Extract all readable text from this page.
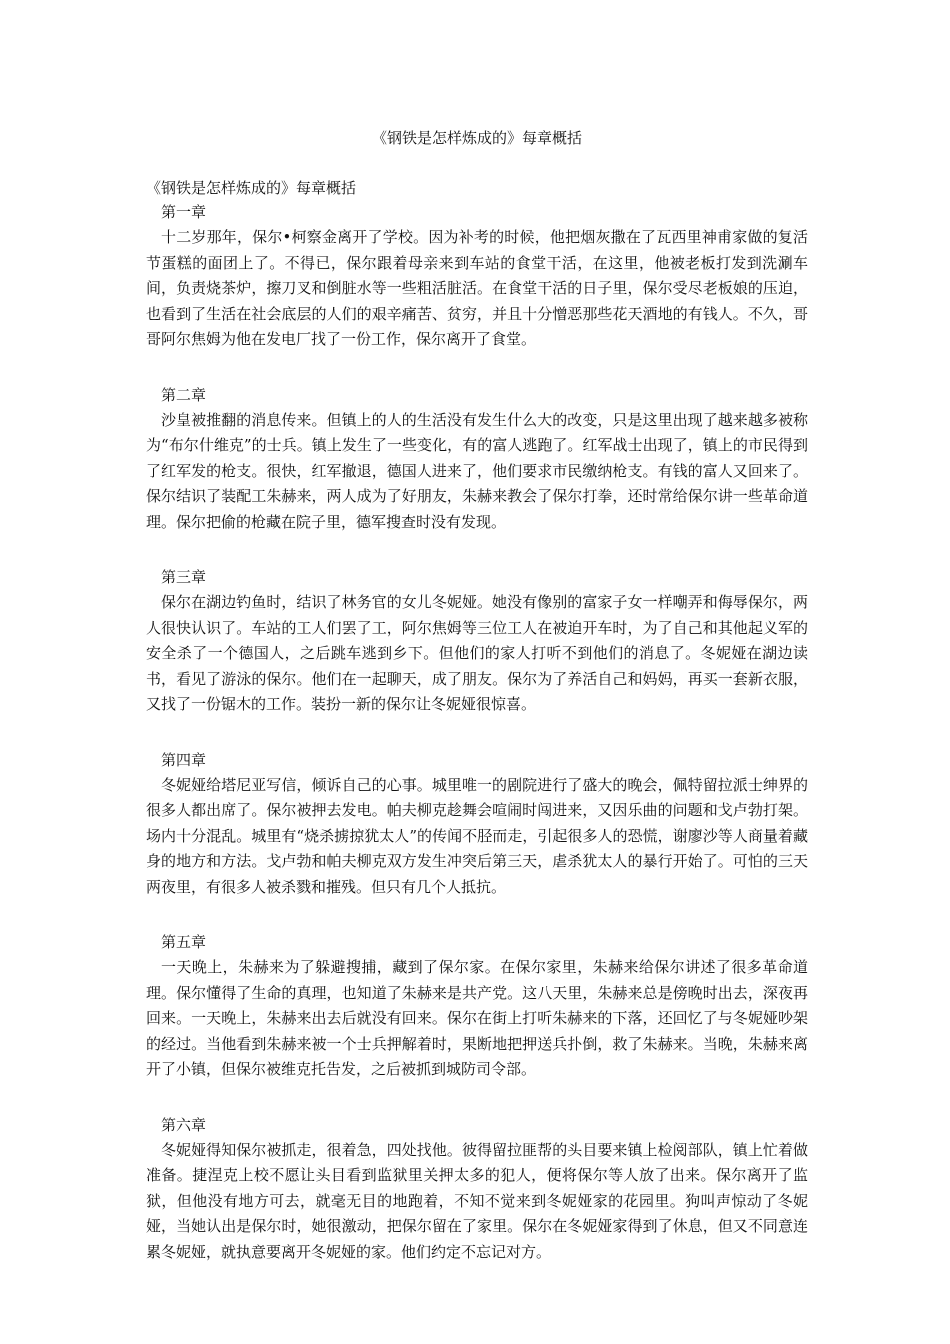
《钢铁是怎样炼成的》每章概括

《钢铁是怎样炼成的》每章概括

第一章

十二岁那年，保尔•柯察金离开了学校。因为补考的时候，他把烟灰撒在了瓦西里神甫家做的复活节蛋糕的面团上了。不得已，保尔跟着母亲来到车站的食堂干活，在这里，他被老板打发到洗涮车间，负责烧茶炉，擦刀叉和倒脏水等一些粗活脏活。在食堂干活的日子里，保尔受尽老板娘的压迫，也看到了生活在社会底层的人们的艰辛痛苦、贫穷，并且十分憎恶那些花天酒地的有钱人。不久，哥哥阿尔焦姆为他在发电厂找了一份工作，保尔离开了食堂。

第二章

沙皇被推翻的消息传来。但镇上的人的生活没有发生什么大的改变，只是这里出现了越来越多被称为“布尔什维克”的士兵。镇上发生了一些变化，有的富人逃跑了。红军战士出现了，镇上的市民得到了红军发的枪支。很快，红军撤退，德国人进来了，他们要求市民缴纳枪支。有钱的富人又回来了。保尔结识了装配工朱赫来，两人成为了好朋友，朱赫来教会了保尔打拳，还时常给保尔讲一些革命道理。保尔把偷的枪藏在院子里，德军搜查时没有发现。

第三章

保尔在湖边钓鱼时，结识了林务官的女儿冬妮娅。她没有像别的富家子女一样嘲弄和侮辱保尔，两人很快认识了。车站的工人们罢了工，阿尔焦姆等三位工人在被迫开车时，为了自己和其他起义军的安全杀了一个德国人，之后跳车逃到乡下。但他们的家人打听不到他们的消息了。冬妮娅在湖边读书，看见了游泳的保尔。他们在一起聊天，成了朋友。保尔为了养活自己和妈妈，再买一套新衣服，又找了一份锯木的工作。装扮一新的保尔让冬妮娅很惊喜。

第四章

冬妮娅给塔尼亚写信，倾诉自己的心事。城里唯一的剧院进行了盛大的晚会，佩特留拉派士绅界的很多人都出席了。保尔被押去发电。帕夫柳克趁舞会喧闹时闯进来，又因乐曲的问题和戈卢勃打架。场内十分混乱。城里有“烧杀掳掠犹太人”的传闻不胫而走，引起很多人的恐慌，谢廖沙等人商量着藏身的地方和方法。戈卢勃和帕夫柳克双方发生冲突后第三天，虐杀犹太人的暴行开始了。可怕的三天两夜里，有很多人被杀戮和摧残。但只有几个人抵抗。

第五章

一天晚上，朱赫来为了躲避搜捕，藏到了保尔家。在保尔家里，朱赫来给保尔讲述了很多革命道理。保尔懂得了生命的真理，也知道了朱赫来是共产党。这八天里，朱赫来总是傍晚时出去，深夜再回来。一天晚上，朱赫来出去后就没有回来。保尔在街上打听朱赫来的下落，还回忆了与冬妮娅吵架的经过。当他看到朱赫来被一个士兵押解着时，果断地把押送兵扑倒，救了朱赫来。当晚，朱赫来离开了小镇，但保尔被维克托告发，之后被抓到城防司令部。

第六章

冬妮娅得知保尔被抓走，很着急，四处找他。彼得留拉匪帮的头目要来镇上检阅部队，镇上忙着做准备。捷涅克上校不愿让头目看到监狱里关押太多的犯人，便将保尔等人放了出来。保尔离开了监狱，但他没有地方可去，就毫无目的地跑着，不知不觉来到冬妮娅家的花园里。狗叫声惊动了冬妮娅，当她认出是保尔时，她很激动，把保尔留在了家里。保尔在冬妮娅家得到了休息，但又不同意连累冬妮娅，就执意要离开冬妮娅的家。他们约定不忘记对方。
